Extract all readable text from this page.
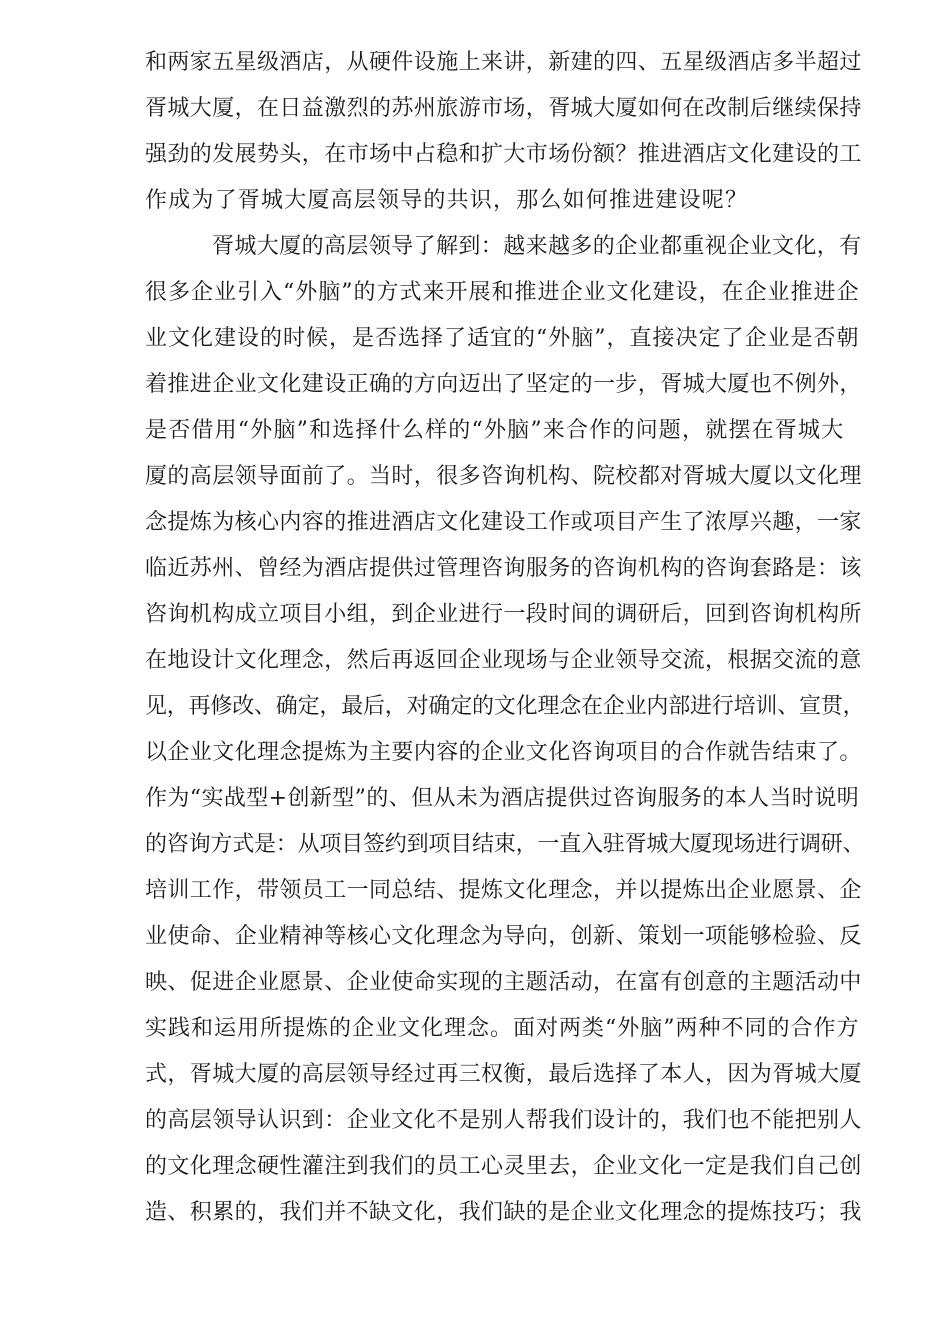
和两家五星级酒店，从硬件设施上来讲，新建的四、五星级酒店多半超过
胥城大厦，在日益激烈的苏州旅游市场，胥城大厦如何在改制后继续保持
强劲的发展势头，在市场中占稳和扩大市场份额？推进酒店文化建设的工
作成为了胥城大厦高层领导的共识，那么如何推进建设呢？
胥城大厦的高层领导了解到：越来越多的企业都重视企业文化，有
很多企业引入“外脑”的方式来开展和推进企业文化建设，在企业推进企
业文化建设的时候，是否选择了适宜的“外脑”，直接决定了企业是否朝
着推进企业文化建设正确的方向迈出了坚定的一步，胥城大厦也不例外，
是否借用“外脑”和选择什么样的“外脑”来合作的问题，就摆在胥城大
厦的高层领导面前了。当时，很多咨询机构、院校都对胥城大厦以文化理
念提炼为核心内容的推进酒店文化建设工作或项目产生了浓厚兴趣，一家
临近苏州、曾经为酒店提供过管理咨询服务的咨询机构的咨询套路是：该
咨询机构成立项目小组，到企业进行一段时间的调研后，回到咨询机构所
在地设计文化理念，然后再返回企业现场与企业领导交流，根据交流的意
见，再修改、确定，最后，对确定的文化理念在企业内部进行培训、宣贯，
以企业文化理念提炼为主要内容的企业文化咨询项目的合作就告结束了。
作为“实战型+创新型”的、但从未为酒店提供过咨询服务的本人当时说明
的咨询方式是：从项目签约到项目结束，一直入驻胥城大厦现场进行调研、
培训工作，带领员工一同总结、提炼文化理念，并以提炼出企业愿景、企
业使命、企业精神等核心文化理念为导向，创新、策划一项能够检验、反
映、促进企业愿景、企业使命实现的主题活动，在富有创意的主题活动中
实践和运用所提炼的企业文化理念。面对两类“外脑”两种不同的合作方
式，胥城大厦的高层领导经过再三权衡，最后选择了本人，因为胥城大厦
的高层领导认识到：企业文化不是别人帮我们设计的，我们也不能把别人
的文化理念硬性灌注到我们的员工心灵里去，企业文化一定是我们自己创
造、积累的，我们并不缺文化，我们缺的是企业文化理念的提炼技巧；我
